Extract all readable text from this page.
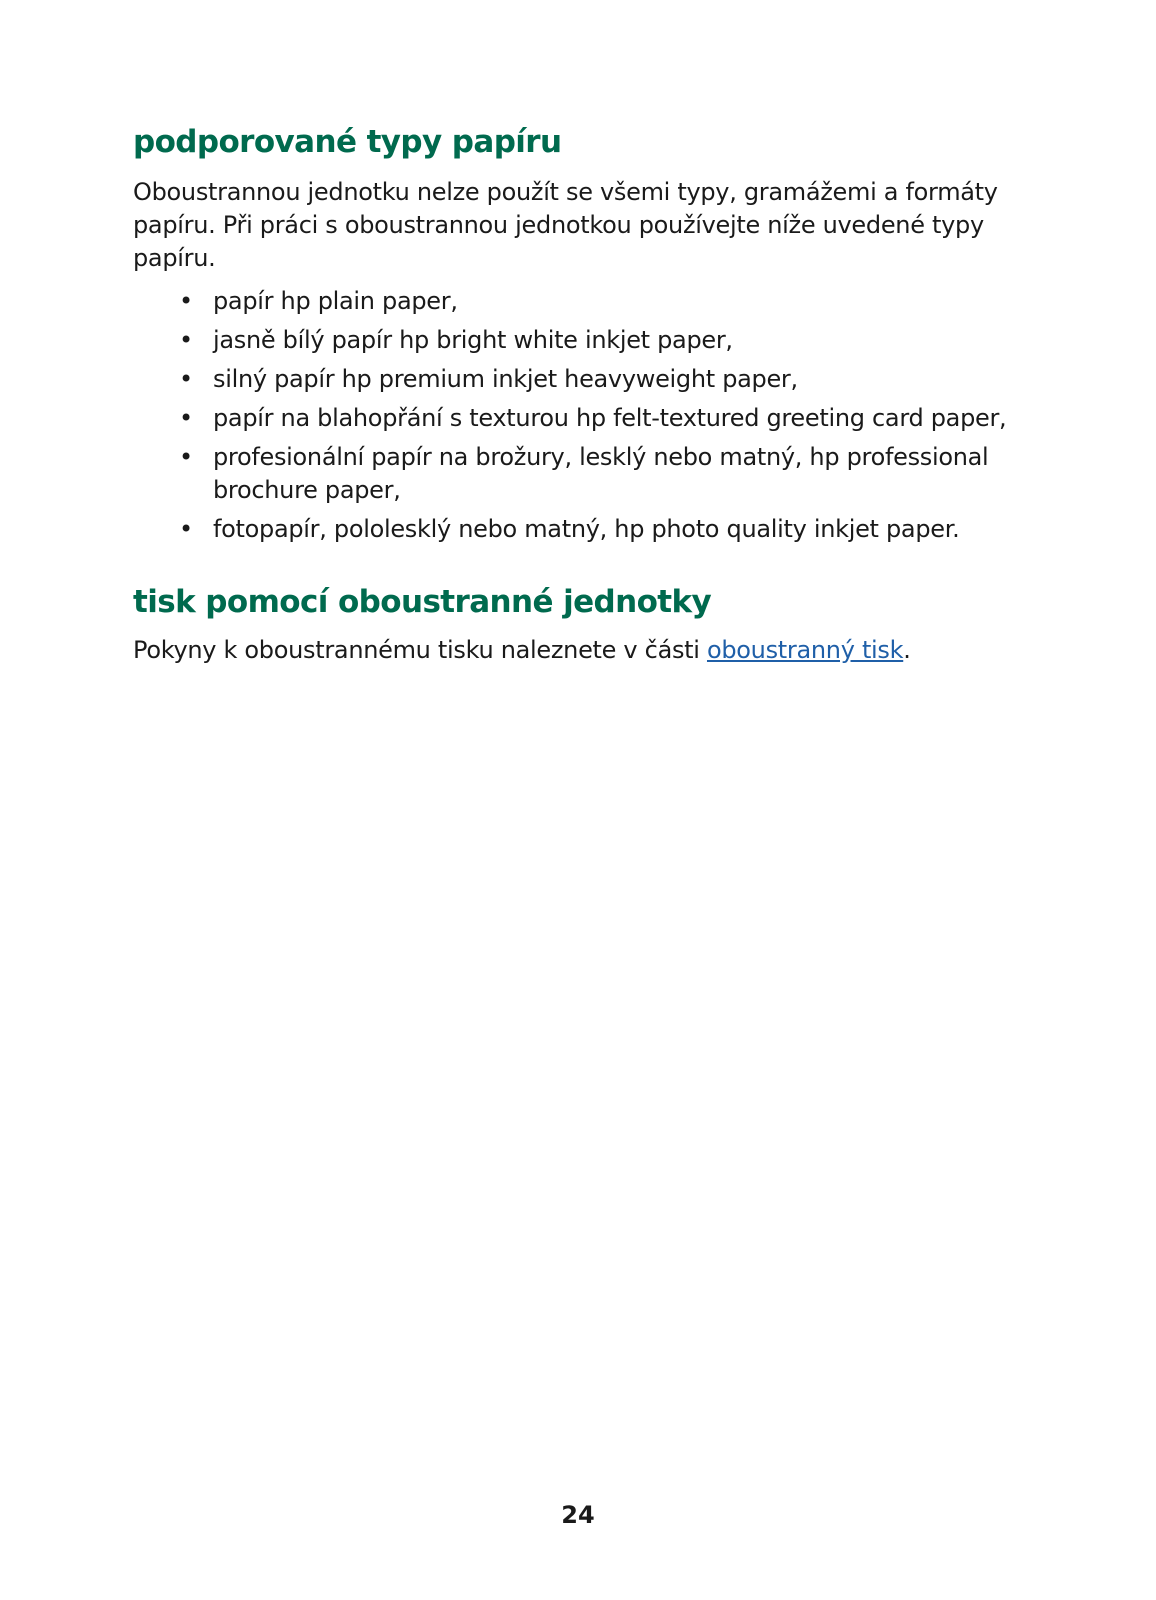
podporované typy papíru

Oboustrannou jednotku nelze použít se všemi typy, gramážemi a formáty papíru. Při práci s oboustrannou jednotkou používejte níže uvedené typy papíru.

• papír hp plain paper,
• jasně bílý papír hp bright white inkjet paper,
• silný papír hp premium inkjet heavyweight paper,
• papír na blahopřání s texturou hp felt-textured greeting card paper,
• profesionální papír na brožury, lesklý nebo matný, hp professional brochure paper,
• fotopapír, pololesklý nebo matný, hp photo quality inkjet paper.
tisk pomocí oboustranné jednotky

Pokyny k oboustrannému tisku naleznete v části oboustranný tisk.

24
